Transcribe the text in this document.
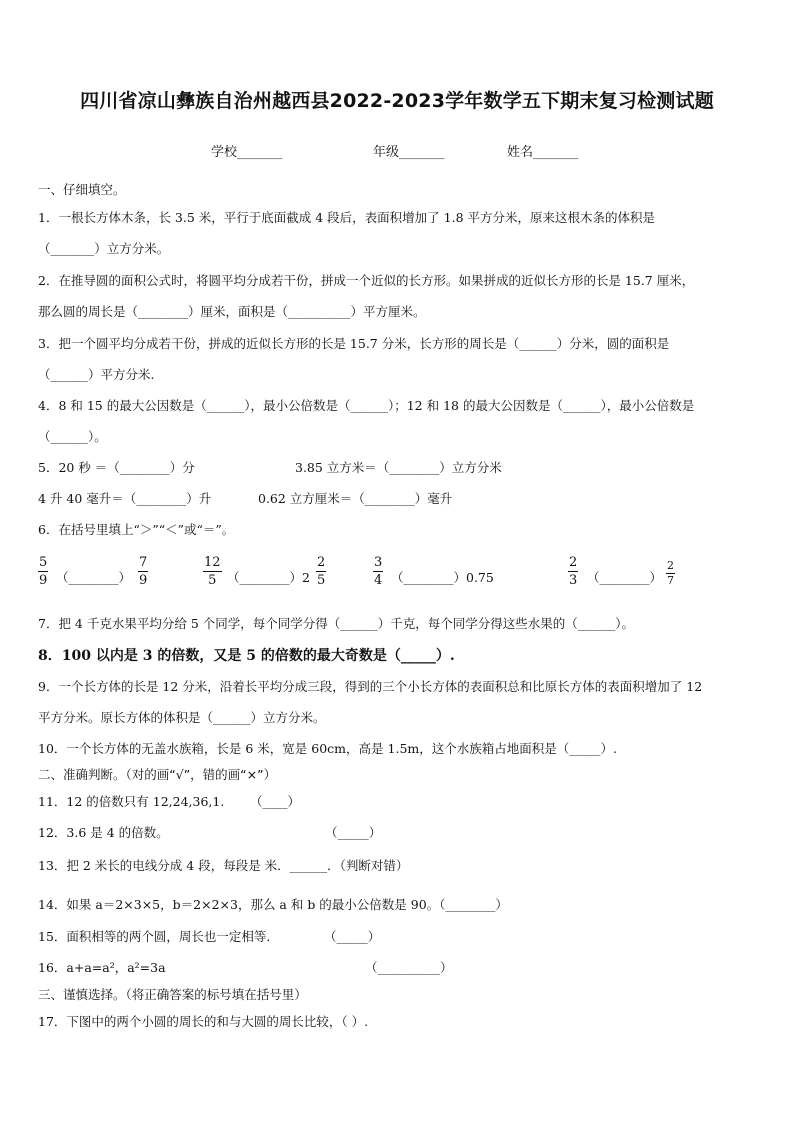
四川省凉山彝族自治州越西县2022-2023学年数学五下期末复习检测试题
学校_______	年级_______	姓名_______
一、仔细填空。
1．一根长方体木条，长 3.5 米，平行于底面截成 4 段后，表面积增加了 1.8 平方分米，原来这根木条的体积是
（_______）立方分米。
2．在推导圆的面积公式时，将圆平均分成若干份，拼成一个近似的长方形。如果拼成的近似长方形的长是 15.7 厘米，
那么圆的周长是（________）厘米，面积是（__________）平方厘米。
3．把一个圆平均分成若干份，拼成的近似长方形的长是 15.7 分米，长方形的周长是（______）分米，圆的面积是
（______）平方分米.
4．8 和 15 的最大公因数是（______），最小公倍数是（______）；12 和 18 的最大公因数是（______），最小公倍数是
（______）。
5．20 秒 ＝（________）分	3.85 立方米＝（________）立方分米
4 升 40 毫升＝（________）升	0.62 立方厘米＝（________）毫升
6．在括号里填上“＞”“＜”或“＝”。
5
9 （________）
7
9
12
5 （________）2
2
5
3
4 （________）0.75
2
3 （________）
2
7
7．把 4 千克水果平均分给 5 个同学，每个同学分得（______）千克，每个同学分得这些水果的（______）。
8．100 以内是 3 的倍数，又是 5 的倍数的最大奇数是（_____）.
9．一个长方体的长是 12 分米，沿着长平均分成三段，得到的三个小长方体的表面积总和比原长方体的表面积增加了 12
平方分米。原长方体的体积是（______）立方分米。
10．一个长方体的无盖水族箱，长是 6 米，宽是 60cm，高是 1.5m，这个水族箱占地面积是（_____）.
二、准确判断。（对的画“√”，错的画“×”）
11．12 的倍数只有 12,24,36,1. （____）
12．3.6 是 4 的倍数。	（_____）
13．把 2 米长的电线分成 4 段，每段是 米．______．（判断对错）
14．如果 a＝2×3×5，b＝2×2×3，那么 a 和 b 的最小公倍数是 90。（________）
15．面积相等的两个圆，周长也一定相等．	（_____）
16．a+a=a²，a²=3a	（__________）
三、谨慎选择。（将正确答案的标号填在括号里）
17．下图中的两个小圆的周长的和与大圆的周长比较，（ ）.
